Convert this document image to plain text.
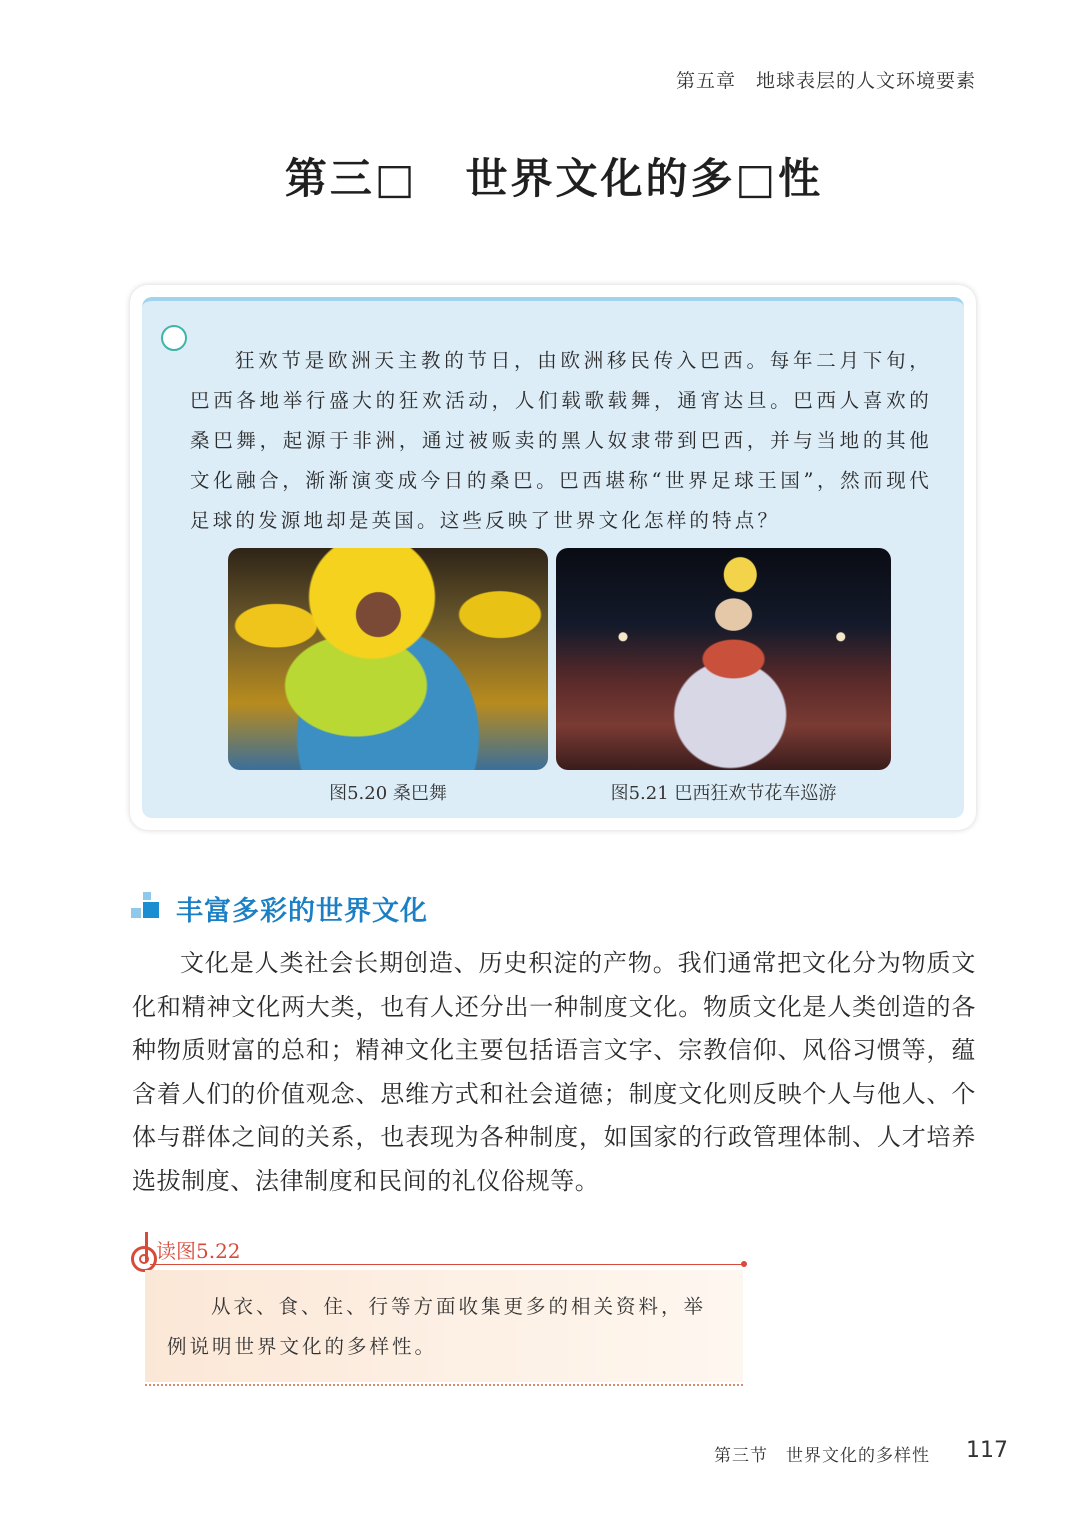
第五章　地球表层的人文环境要素
第三□ 世界文化的多□性

狂欢节是欧洲天主教的节日，由欧洲移民传入巴西。每年二月下旬，巴西各地举行盛大的狂欢活动，人们载歌载舞，通宵达旦。巴西人喜欢的桑巴舞，起源于非洲，通过被贩卖的黑人奴隶带到巴西，并与当地的其他文化融合，渐渐演变成今日的桑巴。巴西堪称“世界足球王国”，然而现代足球的发源地却是英国。这些反映了世界文化怎样的特点？

图5.20 桑巴舞	图5.21 巴西狂欢节花车巡游
丰富多彩的世界文化

文化是人类社会长期创造、历史积淀的产物。我们通常把文化分为物质文化和精神文化两大类，也有人还分出一种制度文化。物质文化是人类创造的各种物质财富的总和；精神文化主要包括语言文字、宗教信仰、风俗习惯等，蕴含着人们的价值观念、思维方式和社会道德；制度文化则反映个人与他人、个体与群体之间的关系，也表现为各种制度，如国家的行政管理体制、人才培养选拔制度、法律制度和民间的礼仪俗规等。

读图5.22

从衣、食、住、行等方面收集更多的相关资料，举例说明世界文化的多样性。

第三节　世界文化的多样性 117
